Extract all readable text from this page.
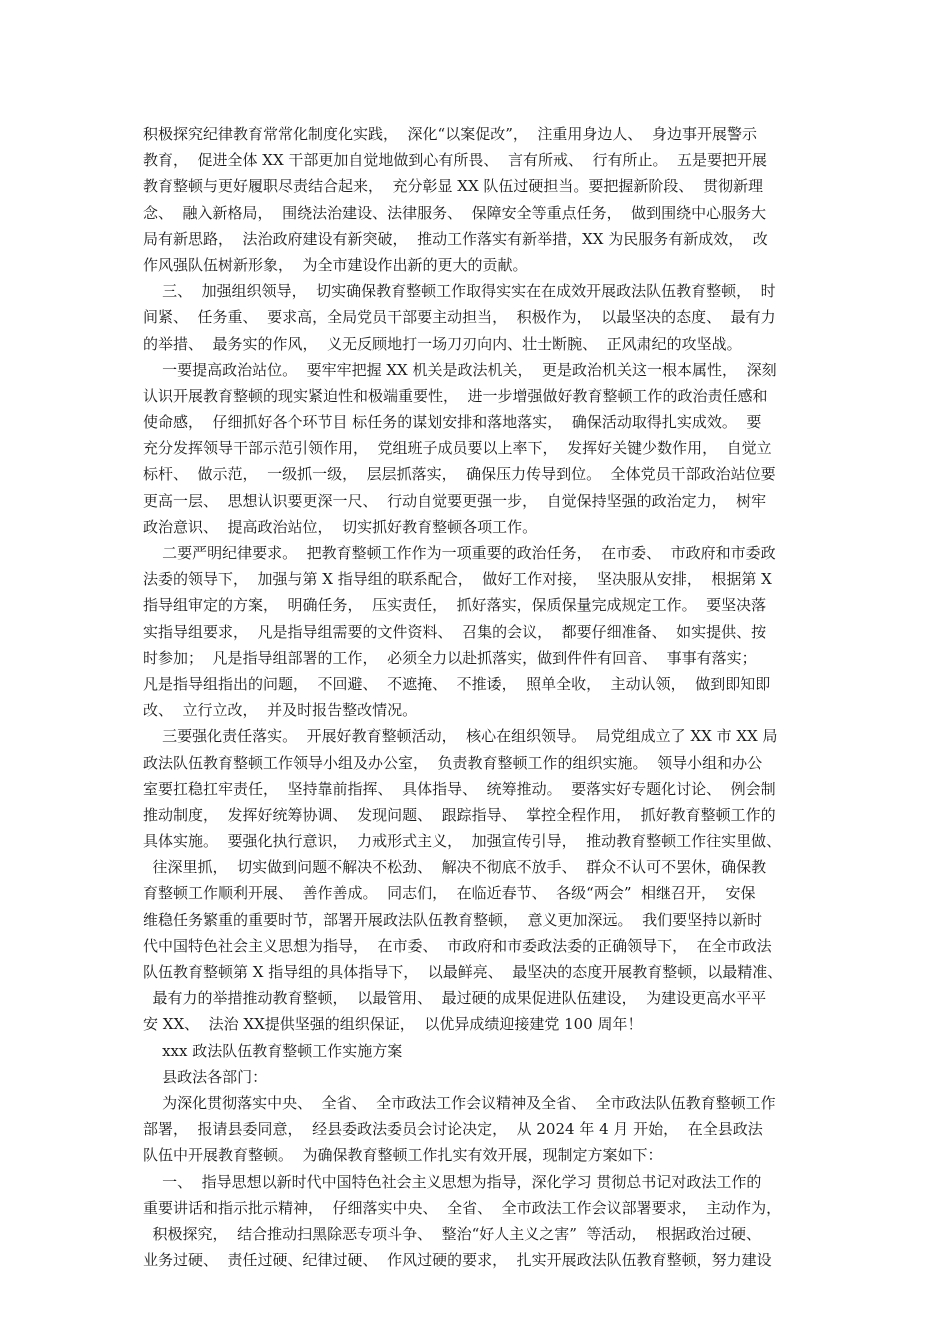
积极探究纪律教育常常化制度化实践，  深化“以案促改”，  注重用身边人、  身边事开展警示
教育，  促进全体 XX 干部更加自觉地做到心有所畏、  言有所戒、  行有所止。  五是要把开展
教育整顿与更好履职尽责结合起来，  充分彰显 XX 队伍过硬担当。要把握新阶段、  贯彻新理
念、  融入新格局，  围绕法治建设、法律服务、  保障安全等重点任务，  做到围绕中心服务大
局有新思路，  法治政府建设有新突破，  推动工作落实有新举措，XX 为民服务有新成效，  改
作风强队伍树新形象，  为全市建设作出新的更大的贡献。
三、  加强组织领导，  切实确保教育整顿工作取得实实在在成效开展政法队伍教育整顿，  时
间紧、  任务重、  要求高，全局党员干部要主动担当，  积极作为，  以最坚决的态度、  最有力
的举措、  最务实的作风，  义无反顾地打一场刀刃向内、壮士断腕、  正风肃纪的攻坚战。
一要提高政治站位。  要牢牢把握 XX 机关是政法机关，  更是政治机关这一根本属性，  深刻
认识开展教育整顿的现实紧迫性和极端重要性，  进一步增强做好教育整顿工作的政治责任感和
使命感，  仔细抓好各个环节目 标任务的谋划安排和落地落实，  确保活动取得扎实成效。  要
充分发挥领导干部示范引领作用，  党组班子成员要以上率下，  发挥好关键少数作用，  自觉立
标杆、  做示范，  一级抓一级，  层层抓落实，  确保压力传导到位。  全体党员干部政治站位要
更高一层、  思想认识要更深一尺、  行动自觉要更强一步，  自觉保持坚强的政治定力，  树牢
政治意识、  提高政治站位，  切实抓好教育整顿各项工作。
二要严明纪律要求。  把教育整顿工作作为一项重要的政治任务，  在市委、  市政府和市委政
法委的领导下，  加强与第 X 指导组的联系配合，  做好工作对接，  坚决服从安排，  根据第 X
指导组审定的方案，  明确任务，  压实责任，  抓好落实，保质保量完成规定工作。  要坚决落
实指导组要求，  凡是指导组需要的文件资料、  召集的会议，  都要仔细准备、  如实提供、按
时参加；  凡是指导组部署的工作，  必须全力以赴抓落实，做到件件有回音、  事事有落实；
凡是指导组指出的问题，  不回避、  不遮掩、  不推诿，  照单全收，  主动认领，  做到即知即
改、  立行立改，  并及时报告整改情况。
三要强化责任落实。  开展好教育整顿活动，  核心在组织领导。  局党组成立了 XX 市 XX 局
政法队伍教育整顿工作领导小组及办公室，  负责教育整顿工作的组织实施。  领导小组和办公
室要扛稳扛牢责任，  坚持靠前指挥、  具体指导、  统筹推动。  要落实好专题化讨论、  例会制
推动制度，  发挥好统筹协调、  发现问题、  跟踪指导、  掌控全程作用，  抓好教育整顿工作的
具体实施。  要强化执行意识，  力戒形式主义，  加强宣传引导，  推动教育整顿工作往实里做、
往深里抓，  切实做到问题不解决不松劲、  解决不彻底不放手、  群众不认可不罢休，确保教
育整顿工作顺利开展、  善作善成。  同志们，  在临近春节、  各级“两会”  相继召开，  安保
维稳任务繁重的重要时节，部署开展政法队伍教育整顿，  意义更加深远。  我们要坚持以新时
代中国特色社会主义思想为指导，  在市委、  市政府和市委政法委的正确领导下，  在全市政法
队伍教育整顿第 X 指导组的具体指导下，  以最鲜亮、  最坚决的态度开展教育整顿，以最精准、
最有力的举措推动教育整顿，  以最管用、  最过硬的成果促进队伍建设，  为建设更高水平平
安 XX、  法治 XX提供坚强的组织保证，  以优异成绩迎接建党 100 周年！
xxx 政法队伍教育整顿工作实施方案
县政法各部门：
为深化贯彻落实中央、  全省、  全市政法工作会议精神及全省、  全市政法队伍教育整顿工作
部署，  报请县委同意，  经县委政法委员会讨论决定，  从 2024 年 4 月 开始，  在全县政法
队伍中开展教育整顿。  为确保教育整顿工作扎实有效开展，现制定方案如下：
一、  指导思想以新时代中国特色社会主义思想为指导，深化学习 贯彻总书记对政法工作的
重要讲话和指示批示精神，  仔细落实中央、  全省、  全市政法工作会议部署要求，  主动作为，
积极探究，  结合推动扫黑除恶专项斗争、  整治“好人主义之害”  等活动，  根据政治过硬、
业务过硬、  责任过硬、纪律过硬、  作风过硬的要求，  扎实开展政法队伍教育整顿，努力建设
